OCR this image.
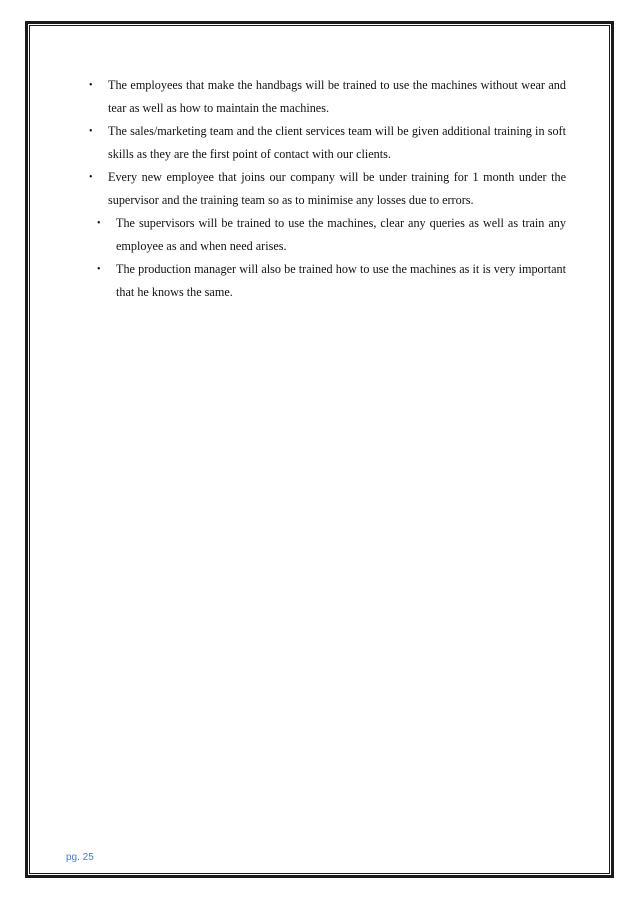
• The employees that make the handbags will be trained to use the machines without wear and tear as well as how to maintain the machines.
• The sales/marketing team and the client services team will be given additional training in soft skills as they are the first point of contact with our clients.
• Every new employee that joins our company will be under training for 1 month under the supervisor and the training team so as to minimise any losses due to errors.
• The supervisors will be trained to use the machines, clear any queries as well as train any employee as and when need arises.
• The production manager will also be trained how to use the machines as it is very important that he knows the same.
pg. 25
